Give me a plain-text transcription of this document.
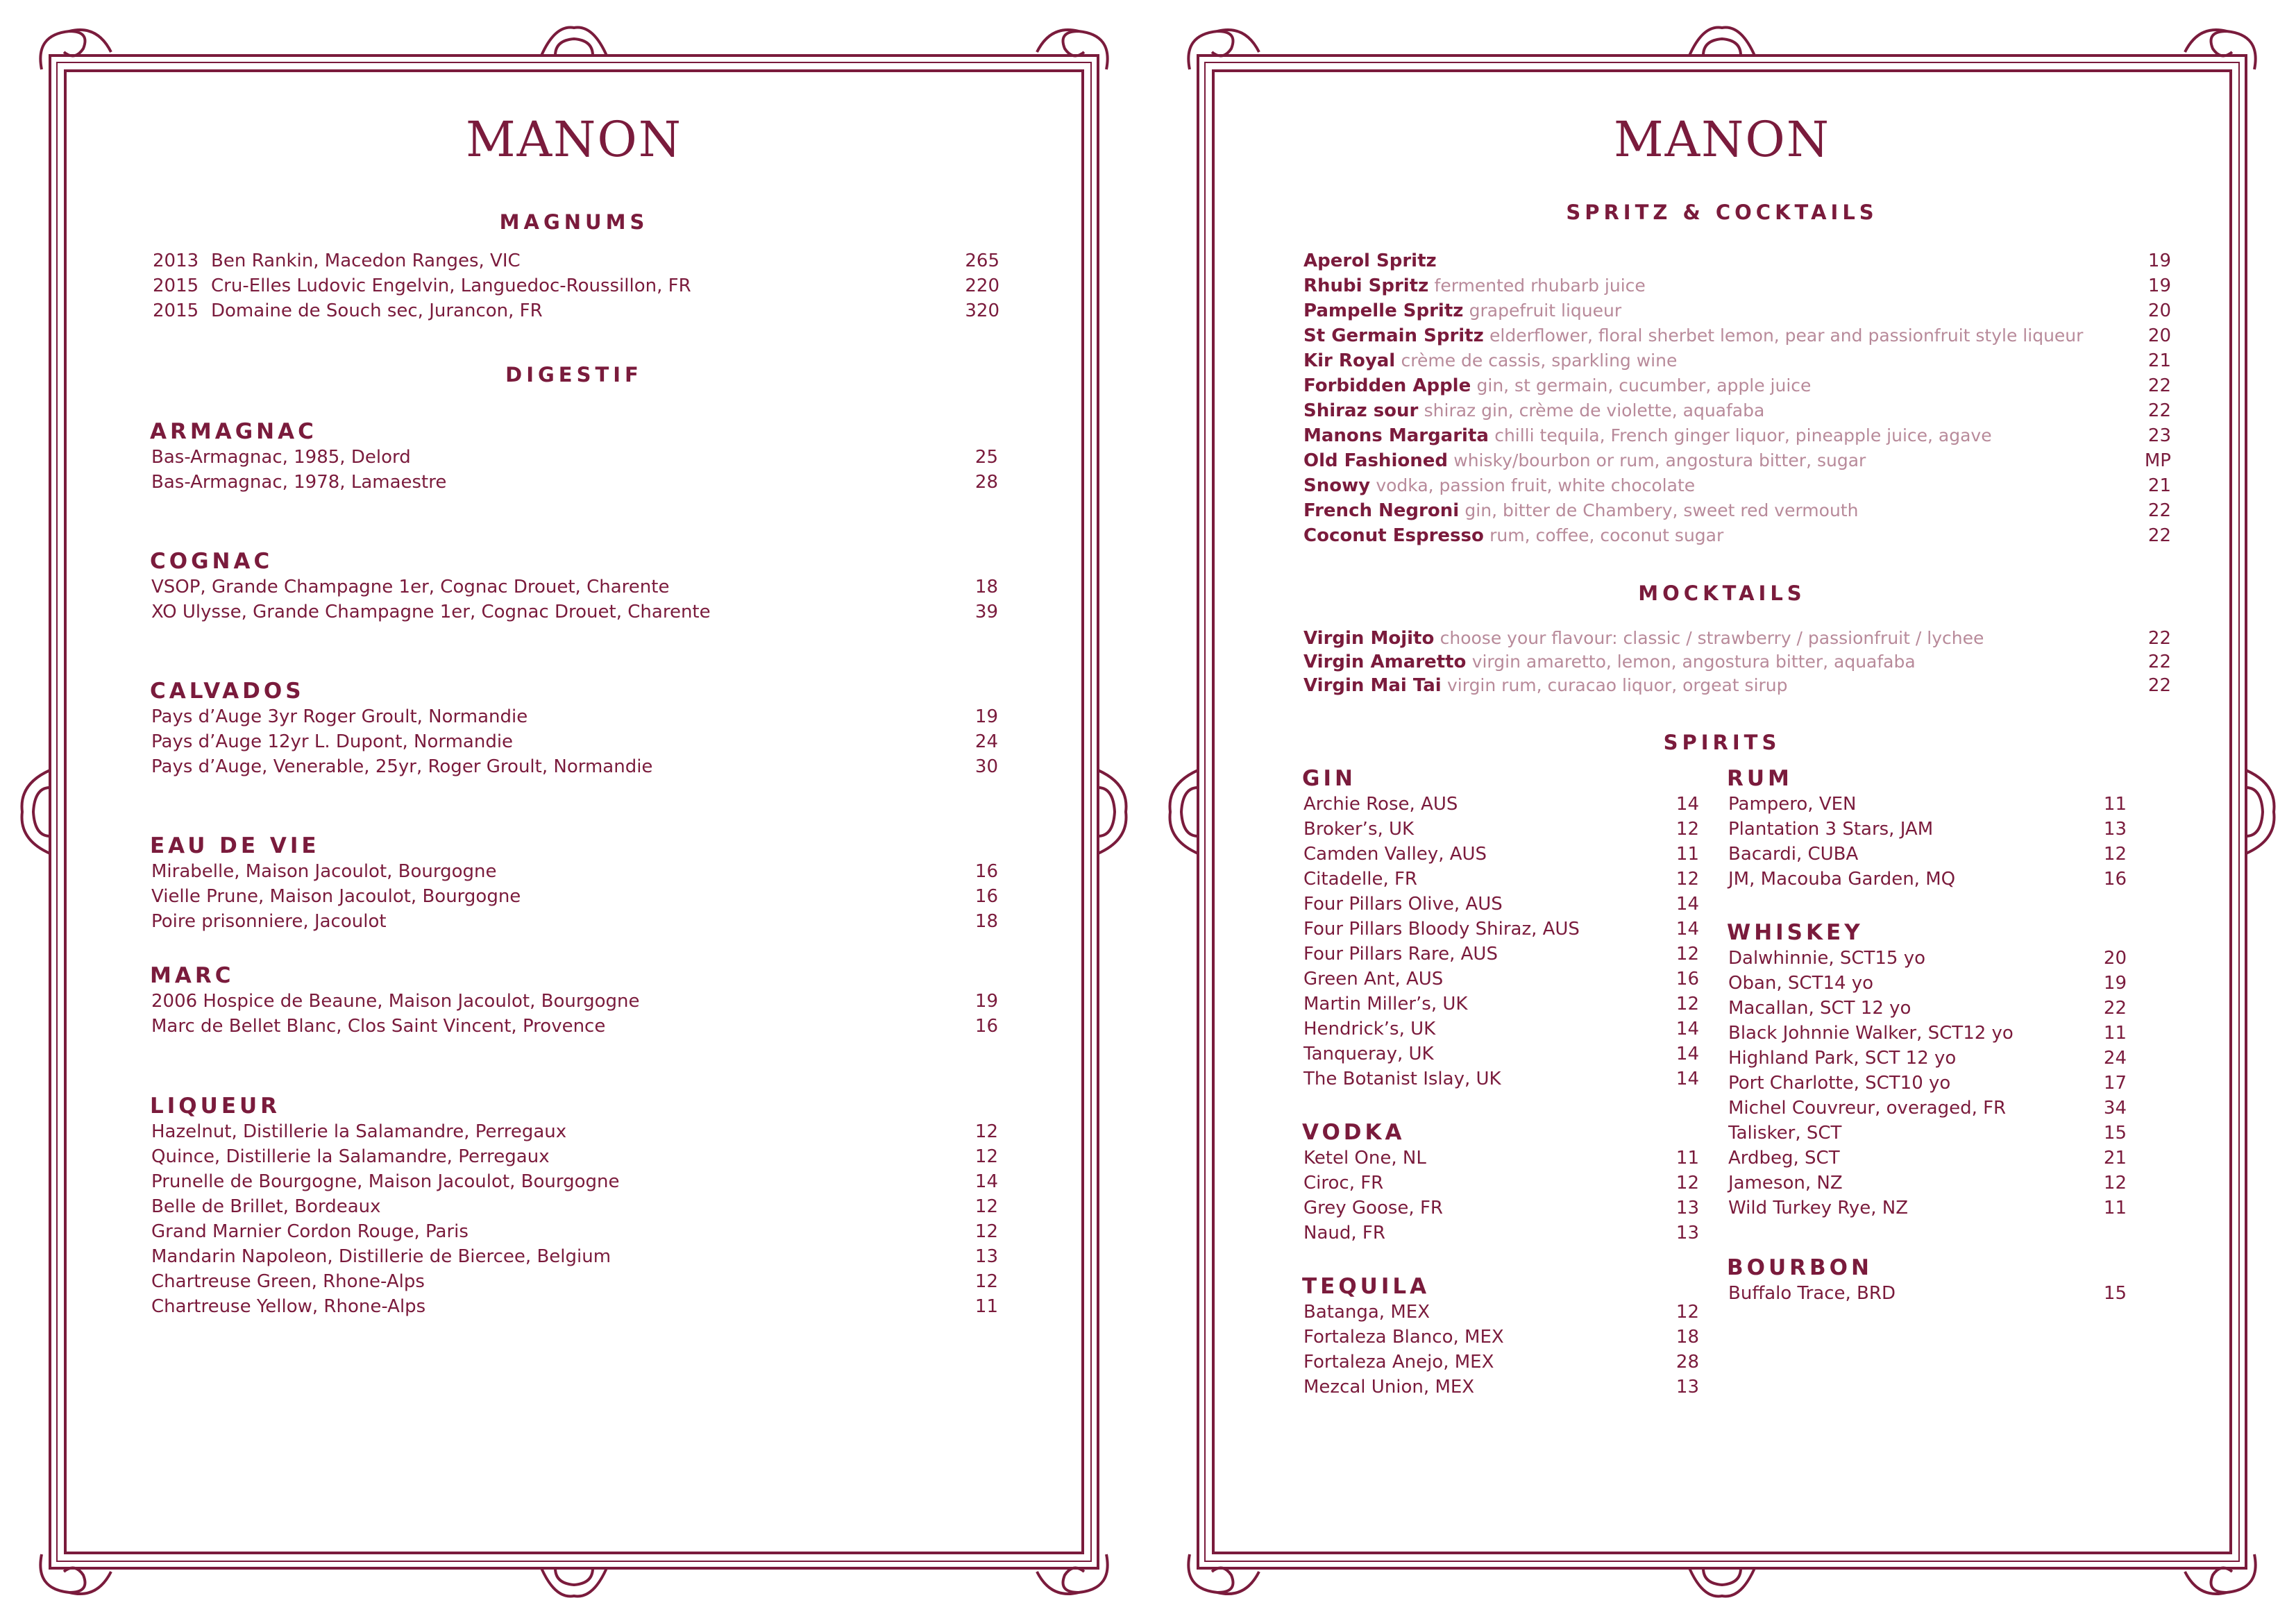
MANON
MAGNUMS
2013 Ben Rankin, Macedon Ranges, VIC	265
2015 Cru-Elles Ludovic Engelvin, Languedoc-Roussillon, FR	220
2015 Domaine de Souch sec, Jurancon, FR	320
DIGESTIF
ARMAGNAC
Bas-Armagnac, 1985, Delord	25
Bas-Armagnac, 1978, Lamaestre	28
COGNAC
VSOP, Grande Champagne 1er, Cognac Drouet, Charente	18
XO Ulysse, Grande Champagne 1er, Cognac Drouet, Charente	39
CALVADOS
Pays d’Auge 3yr Roger Groult, Normandie	19
Pays d’Auge 12yr L. Dupont, Normandie	24
Pays d’Auge, Venerable, 25yr, Roger Groult, Normandie	30
EAU DE VIE
Mirabelle, Maison Jacoulot, Bourgogne	16
Vielle Prune, Maison Jacoulot, Bourgogne	16
Poire prisonniere, Jacoulot	18
MARC
2006 Hospice de Beaune, Maison Jacoulot, Bourgogne	19
Marc de Bellet Blanc, Clos Saint Vincent, Provence	16
LIQUEUR
Hazelnut, Distillerie la Salamandre, Perregaux	12
Quince, Distillerie la Salamandre, Perregaux	12
Prunelle de Bourgogne, Maison Jacoulot, Bourgogne	14
Belle de Brillet, Bordeaux	12
Grand Marnier Cordon Rouge, Paris	12
Mandarin Napoleon, Distillerie de Biercee, Belgium	13
Chartreuse Green, Rhone-Alps	12
Chartreuse Yellow, Rhone-Alps	11
MANON
SPRITZ & COCKTAILS
Aperol Spritz	19
Rhubi Spritz fermented rhubarb juice	19
Pampelle Spritz grapefruit liqueur	20
St Germain Spritz elderflower, floral sherbet lemon, pear and passionfruit style liqueur	20
Kir Royal crème de cassis, sparkling wine	21
Forbidden Apple gin, st germain, cucumber, apple juice	22
Shiraz sour shiraz gin, crème de violette, aquafaba	22
Manons Margarita chilli tequila, French ginger liquor, pineapple juice, agave	23
Old Fashioned whisky/bourbon or rum, angostura bitter, sugar	MP
Snowy vodka, passion fruit, white chocolate	21
French Negroni gin, bitter de Chambery, sweet red vermouth	22
Coconut Espresso rum, coffee, coconut sugar	22
MOCKTAILS
Virgin Mojito choose your flavour: classic / strawberry / passionfruit / lychee	22
Virgin Amaretto virgin amaretto, lemon, angostura bitter, aquafaba	22
Virgin Mai Tai virgin rum, curacao liquor, orgeat sirup	22
SPIRITS
GIN
Archie Rose, AUS	14
Broker’s, UK	12
Camden Valley, AUS	11
Citadelle, FR	12
Four Pillars Olive, AUS	14
Four Pillars Bloody Shiraz, AUS	14
Four Pillars Rare, AUS	12
Green Ant, AUS	16
Martin Miller’s, UK	12
Hendrick’s, UK	14
Tanqueray, UK	14
The Botanist Islay, UK	14
VODKA
Ketel One, NL	11
Ciroc, FR	12
Grey Goose, FR	13
Naud, FR	13
TEQUILA
Batanga, MEX	12
Fortaleza Blanco, MEX	18
Fortaleza Anejo, MEX	28
Mezcal Union, MEX	13
RUM
Pampero, VEN	11
Plantation 3 Stars, JAM	13
Bacardi, CUBA	12
JM, Macouba Garden, MQ	16
WHISKEY
Dalwhinnie, SCT15 yo	20
Oban, SCT14 yo	19
Macallan, SCT 12 yo	22
Black Johnnie Walker, SCT12 yo	11
Highland Park, SCT 12 yo	24
Port Charlotte, SCT10 yo	17
Michel Couvreur, overaged, FR	34
Talisker, SCT	15
Ardbeg, SCT	21
Jameson, NZ	12
Wild Turkey Rye, NZ	11
BOURBON
Buffalo Trace, BRD	15
